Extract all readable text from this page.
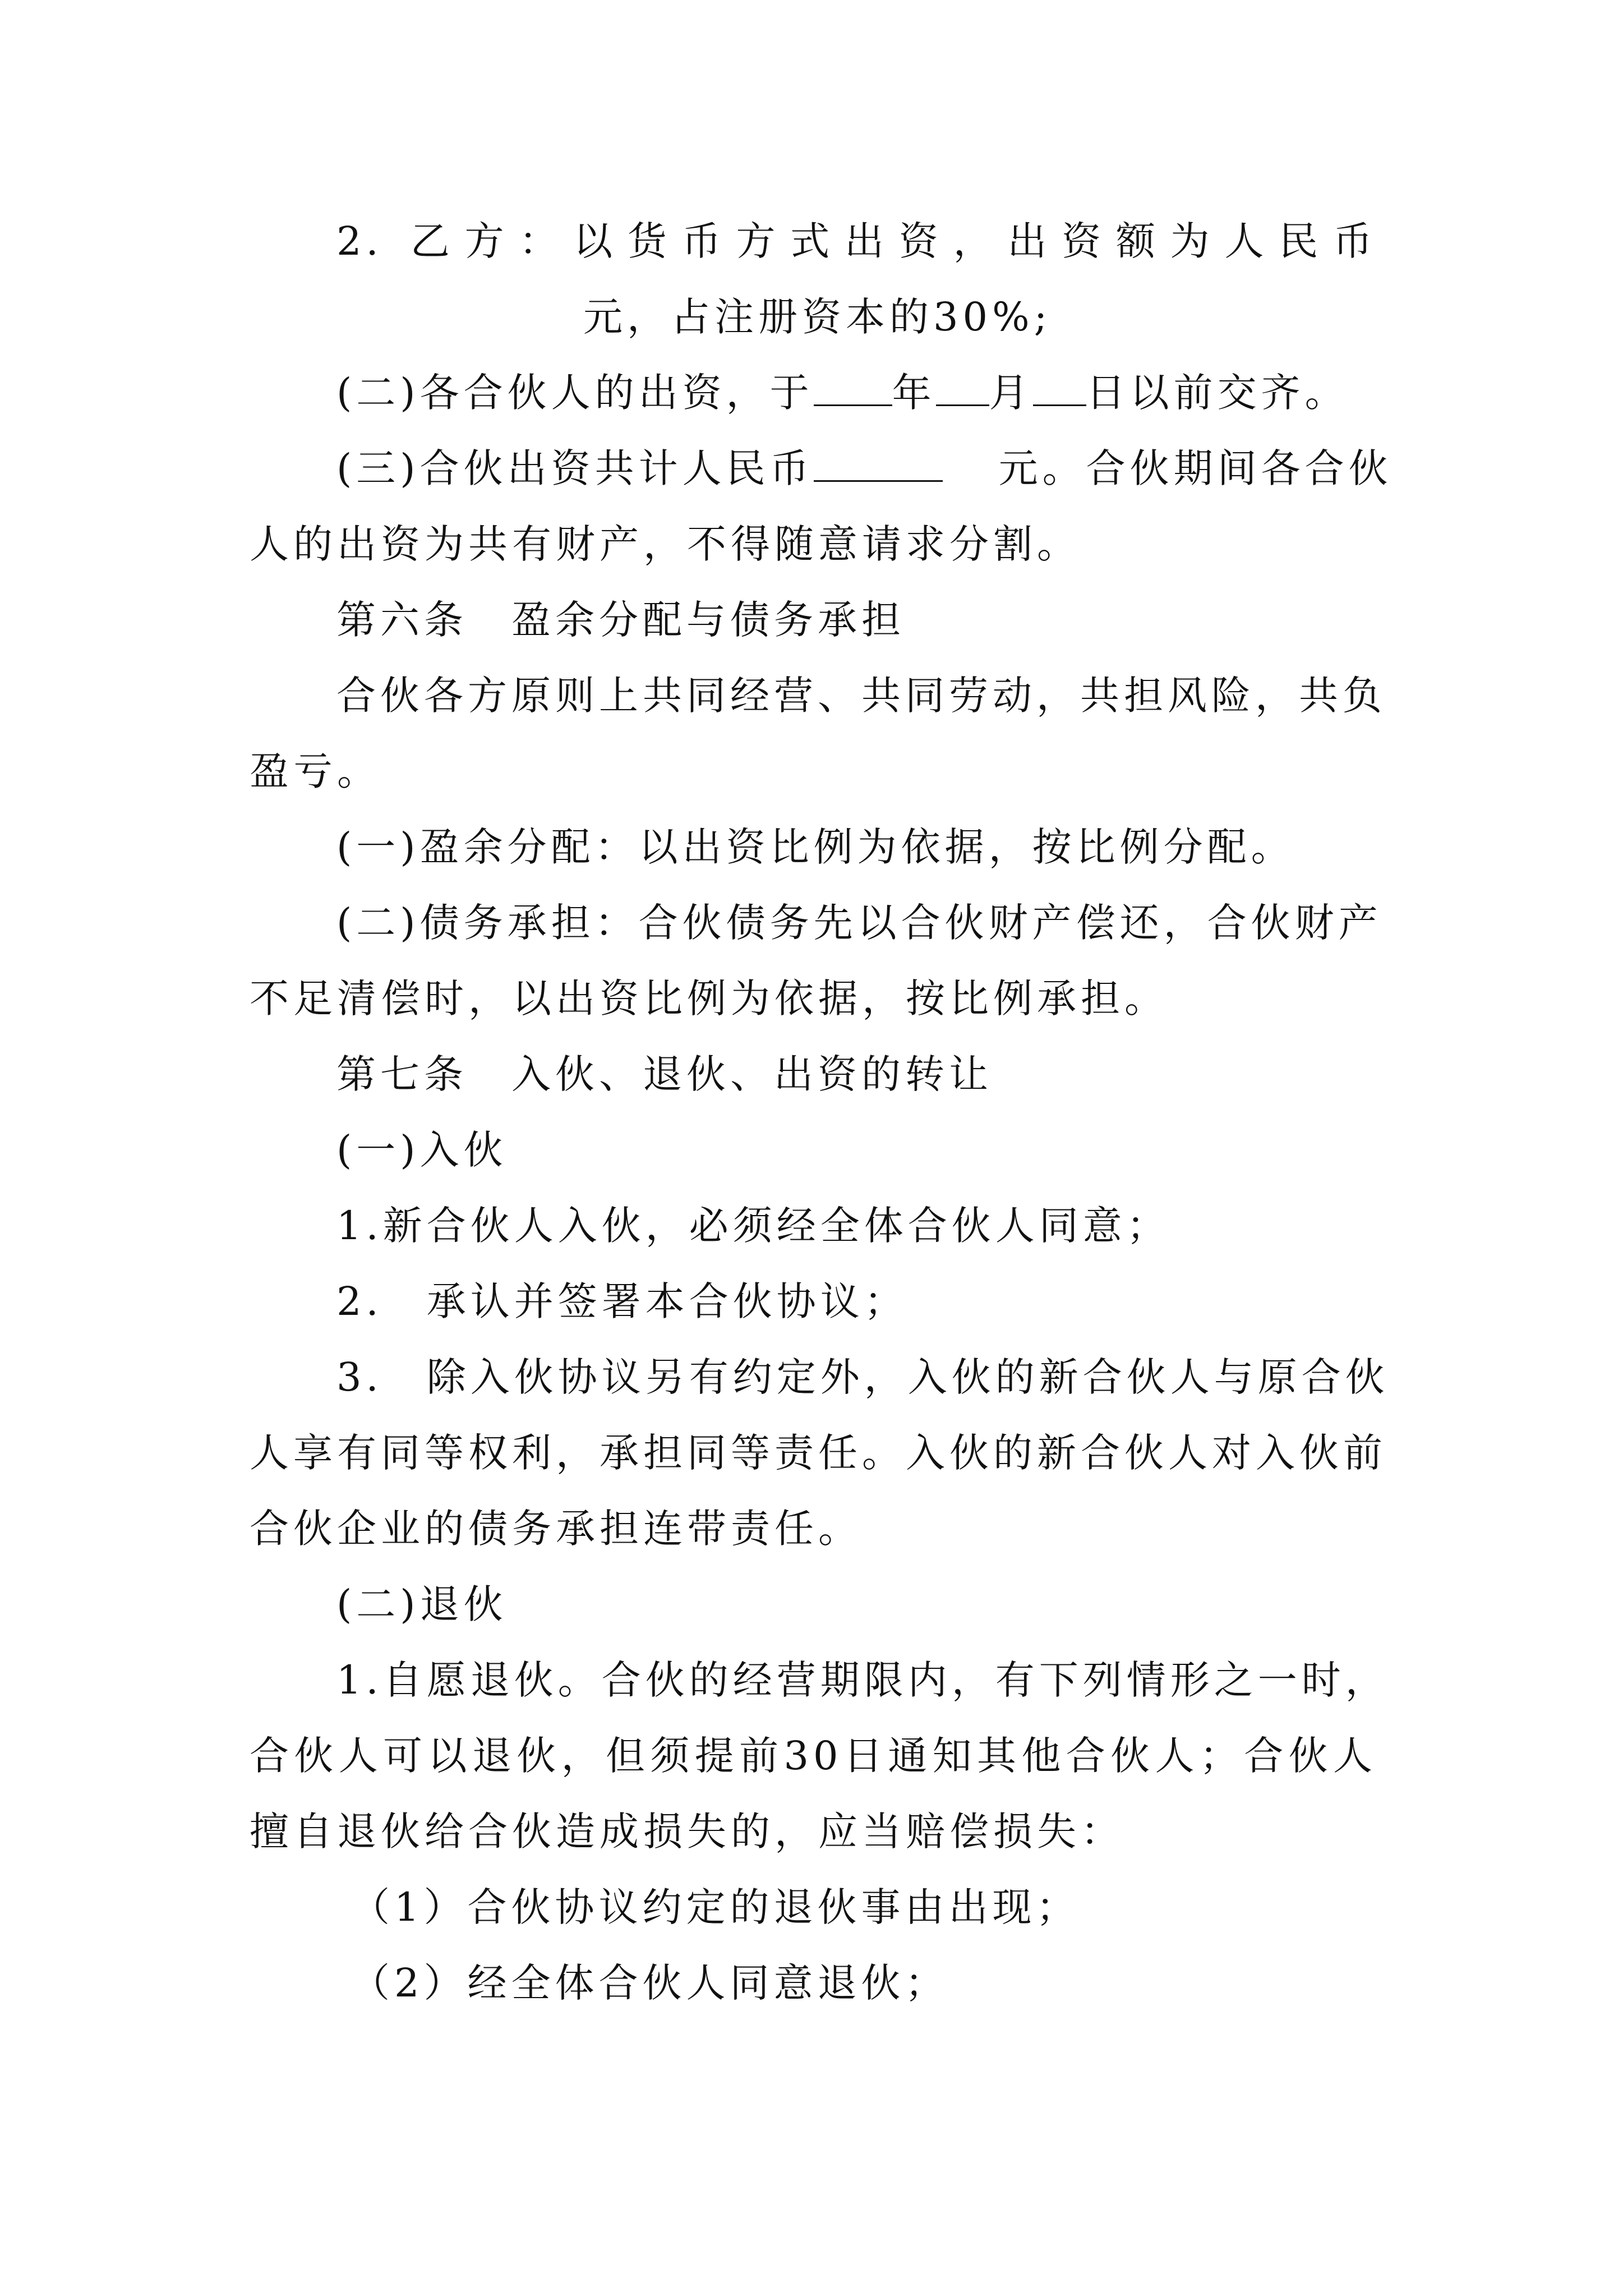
2. 乙方：以货币方式出资，出资额为人民币
元，占注册资本的30%;
(二)各合伙人的出资，于 年 月 日以前交齐。
(三)合伙出资共计人民币	元。合伙期间各合伙
人的出资为共有财产，不得随意请求分割。
第六条　盈余分配与债务承担
合伙各方原则上共同经营、共同劳动，共担风险，共负
盈亏。
(一)盈余分配：以出资比例为依据，按比例分配。
(二)债务承担：合伙债务先以合伙财产偿还，合伙财产
不足清偿时，以出资比例为依据，按比例承担。
第七条　入伙、退伙、出资的转让
(一)入伙
1.新合伙人入伙，必须经全体合伙人同意；
2.　承认并签署本合伙协议；
3.　除入伙协议另有约定外，入伙的新合伙人与原合伙
人享有同等权利，承担同等责任。入伙的新合伙人对入伙前
合伙企业的债务承担连带责任。
(二)退伙
1.自愿退伙。合伙的经营期限内，有下列情形之一时，
合伙人可以退伙，但须提前30日通知其他合伙人；合伙人
擅自退伙给合伙造成损失的，应当赔偿损失：
（1）合伙协议约定的退伙事由出现；
（2）经全体合伙人同意退伙；
